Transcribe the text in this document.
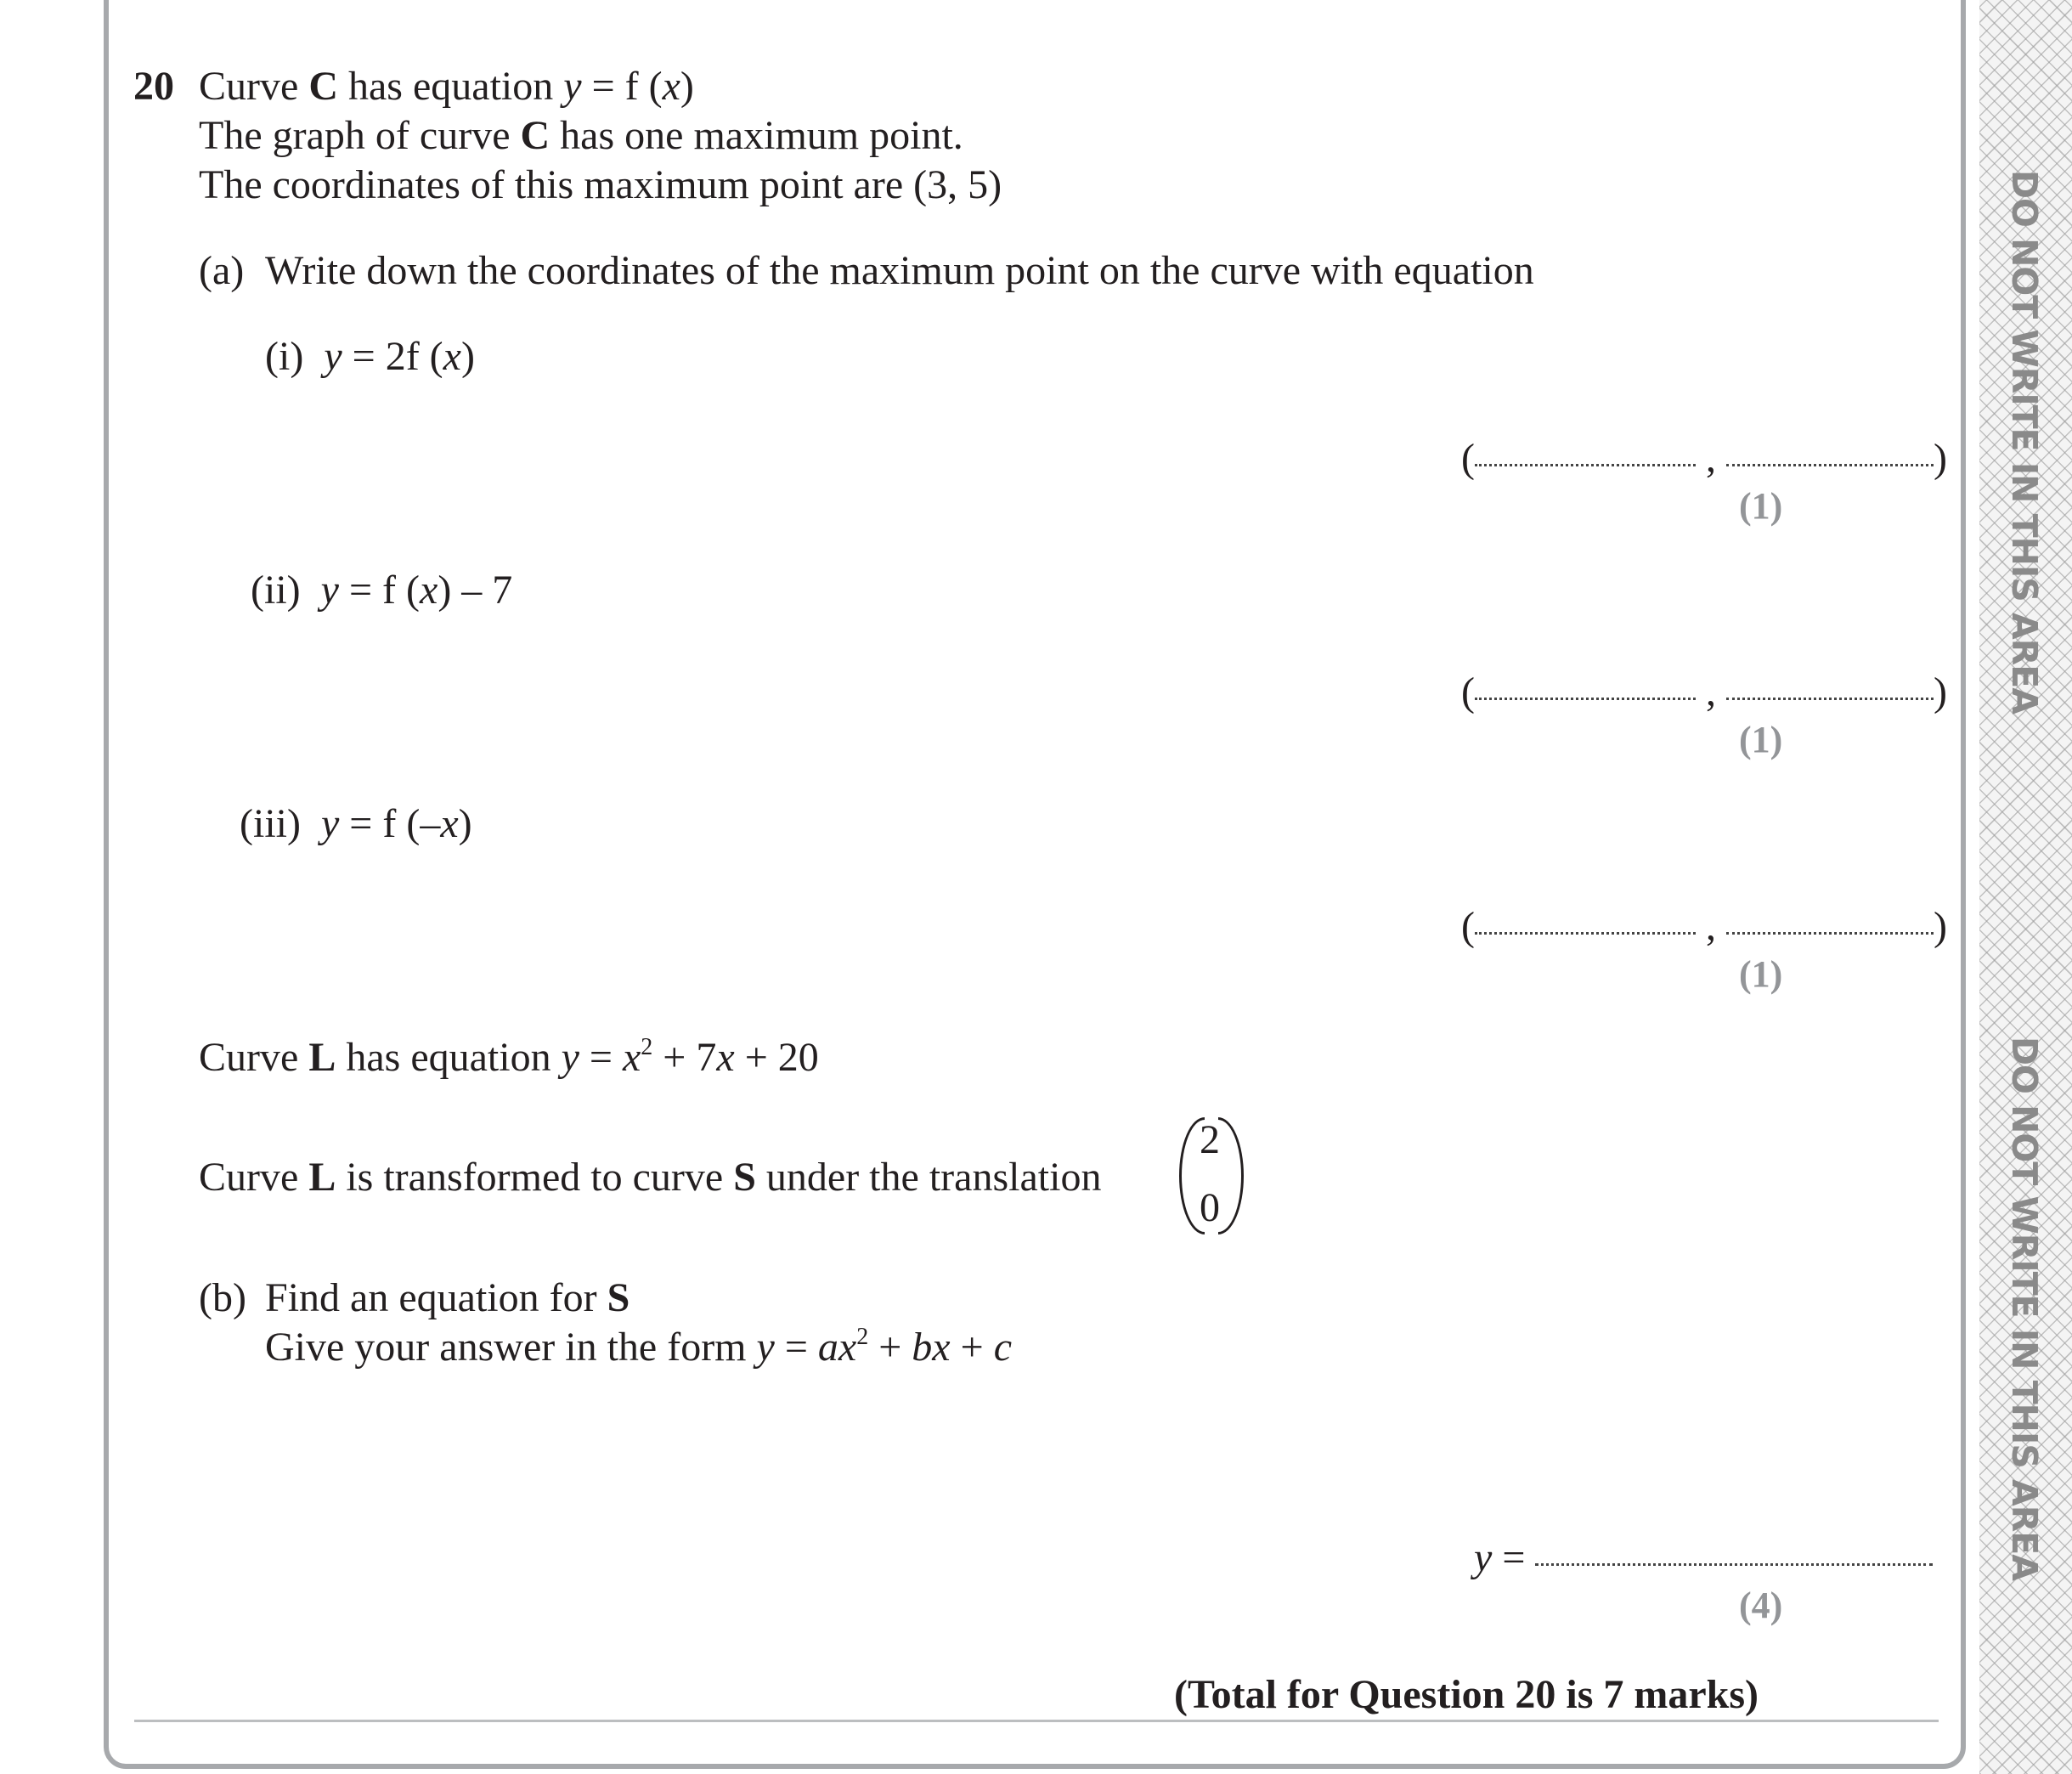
DO NOT WRITE IN THIS AREA
DO NOT WRITE IN THIS AREA
20 Curve C has equation y = f (x)
The graph of curve C has one maximum point.
The coordinates of this maximum point are (3, 5)
(a) Write down the coordinates of the maximum point on the curve with equation
(i) y = 2f (x)
(	,	)
(1)
(ii) y = f (x) – 7
(	,	)
(1)
(iii) y = f (–x)
(	,	)
(1)
Curve L has equation $y = x^2 + 7x + 20$
Curve L is transformed to curve S under the translation
2
0
(b) Find an equation for S
Give your answer in the form $y = ax^2$ + bx + c
y =
(4)
(Total for Question 20 is 7 marks)
